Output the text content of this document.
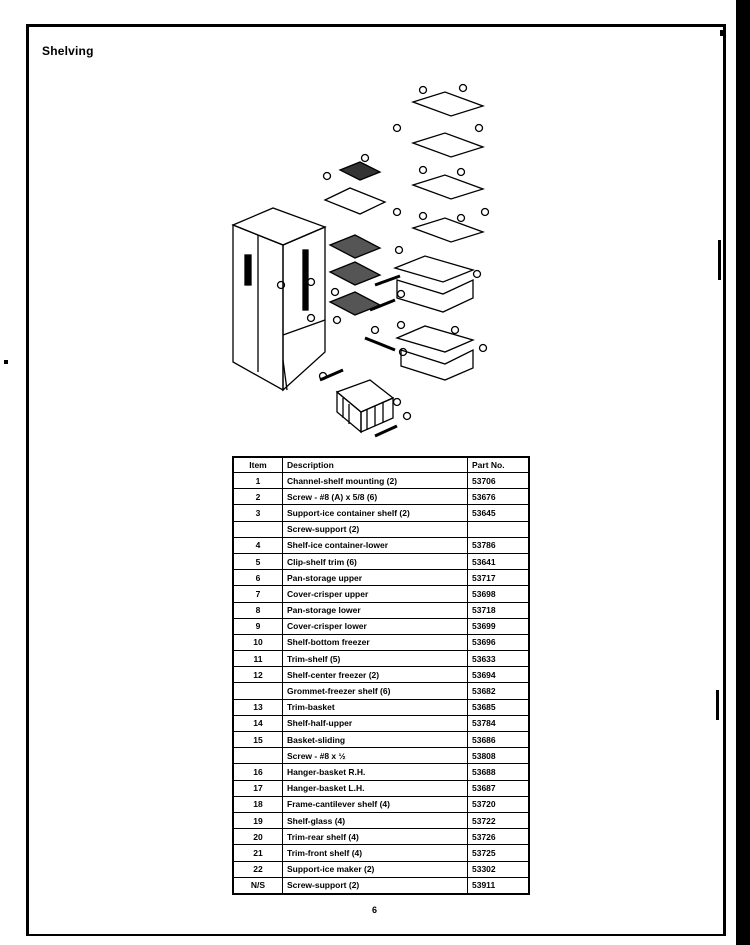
Shelving
Item	Description	Part No.
1	Channel-shelf mounting (2)	53706
2	Screw - #8 (A) x 5/8 (6)	53676
3	Support-ice container shelf (2)	53645
	Screw-support (2)	
4	Shelf-ice container-lower	53786
5	Clip-shelf trim (6)	53641
6	Pan-storage upper	53717
7	Cover-crisper upper	53698
8	Pan-storage lower	53718
9	Cover-crisper lower	53699
10	Shelf-bottom freezer	53696
11	Trim-shelf (5)	53633
12	Shelf-center freezer (2)	53694
	Grommet-freezer shelf (6)	53682
13	Trim-basket	53685
14	Shelf-half-upper	53784
15	Basket-sliding	53686
	Screw - #8 x ½	53808
16	Hanger-basket R.H.	53688
17	Hanger-basket L.H.	53687
18	Frame-cantilever shelf (4)	53720
19	Shelf-glass (4)	53722
20	Trim-rear shelf (4)	53726
21	Trim-front shelf (4)	53725
22	Support-ice maker (2)	53302
N/S	Screw-support (2)	53911
6
